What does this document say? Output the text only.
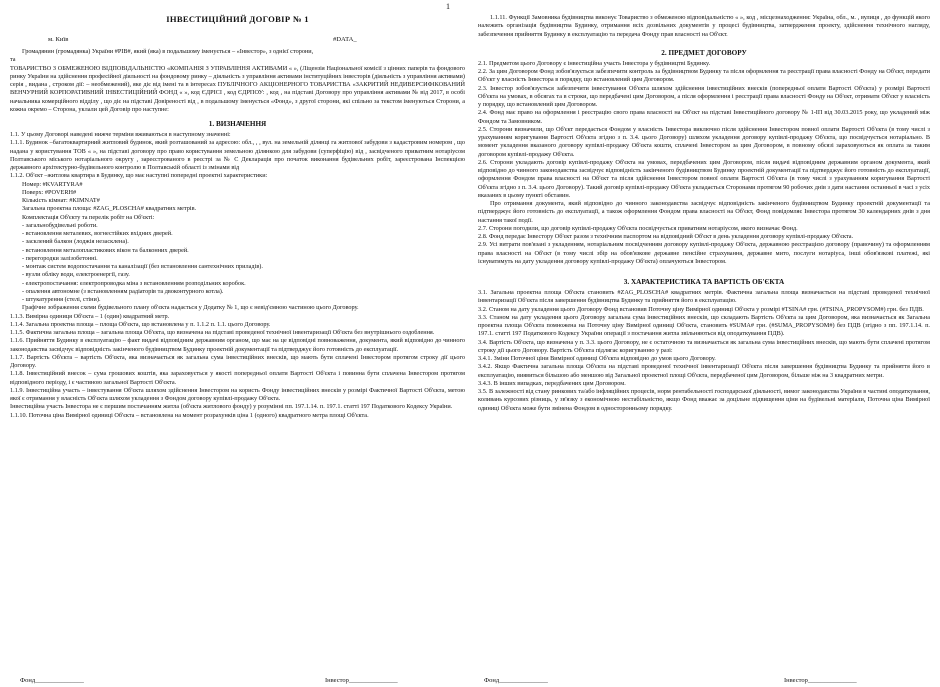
1
ІНВЕСТИЦІЙНИЙ ДОГОВІР № 1
м. Київ	#DATA_

Громадянин (громадянка) України #PIB#, який (яка) в подальшому іменується – «Інвестор», з однієї сторони,

та

ТОВАРИСТВО З ОБМЕЖЕНОЮ ВІДПОВІДАЛЬНІСТЮ «КОМПАНІЯ З УПРАВЛІННЯ АКТИВАМИ « », (Ліцензія Національної комісії з цінних паперів та фондового ринку України на здійснення професійної діяльності на фондовому ринку – діяльність з управління активами інституційних інвесторів (діяльність з управління активами) серія , видана , строком дії: – необмежений), яке діє від імені та в інтересах ПУБЛІЧНОГО АКЦІОНЕРНОГО ТОВАРИСТВА «ЗАКРИТИЙ НЕДИВЕРСИФІКОВАНИЙ ВЕНЧУРНИЙ КОРПОРАТИВНИЙ ІНВЕСТИЦІЙНИЙ ФОНД « », код ЄДРІСІ , код ЄДРПОУ: , код , на підставі Договору про управління активами № від 2017, в особі начальника комерційного відділу , що діє на підставі Довіреності від , в подальшому іменується «Фонд», з другої сторони, які спільно за текстом іменуються Сторони, а кожна окремо – Сторона, уклали цей Договір про наступне:

1. ВИЗНАЧЕННЯ

1.1. У цьому Договорі наведені нижче терміни вживаються в наступному значенні:

1.1.1. Будинок –багатоквартирний житловий будинок, який розташований за адресою: обл., , , вул. на земельній ділянці га житлової забудови з кадастровим номером , що надана у користування ТОВ « », на підставі договору про право користування земельною ділянкою для забудови (суперфіцію) від , засвідченого приватним нотаріусом Полтавського міського нотаріального округу , зареєстрованого в реєстрі за № С Декларація про початок виконання будівельних робіт, зареєстрована Інспекцією державного архітектурно-будівельного контролю в Полтавській області із змінами від

1.1.2. Об'єкт –житлова квартира в Будинку, що має наступні попередні проектні характеристики:

Номер: #KVARTYRA#

Поверх: #POVERH#

Кількість кімнат: #KIMNAT#

Загальна проектна площа: #ZAG_PLOSCHA# квадратних метрів.

Комплектація Об'єкту та перелік робіт на Об'єкті:

- загальнобудівельні роботи.

- встановлення металевих, вогнестійких вхідних дверей.

- засклений балкон (лоджія незасклена).

- встановлення металопластикових вікон та балконних дверей.

- перегородки залізобетонні.

- монтаж систем водопостачання та каналізації (без встановлення сантехнічних приладів).

- вузли обліку води, електроенергії, газу.

- електропостачання: електропроводка міна з встановленням розподільних коробок.

- опалення автономне (з встановленням радіаторів та двоконтурного котла).

- штукатурення (стелі, стіни).

Графічне зображення схеми будівельного плану об'єкта надається у Додатку № 1, що є невід'ємною частиною цього Договору.

1.1.3. Вимірна одиниця Об'єкта – 1 (один) квадратний метр.

1.1.4. Загальна проектна площа – площа Об'єкта, що встановлена у п. 1.1.2 п. 1.1. цього Договору.

1.1.5. Фактична загальна площа – загальна площа Об'єкта, що визначена на підставі проведеної технічної інвентаризації Об'єкта без внутрішнього оздоблення.

1.1.6. Прийняття Будинку в експлуатацію – факт видачі відповідним державним органом, що має на це відповідні повноваження, документа, який відповідно до чинного законодавства засвідчує відповідність закінченого будівництвом Будинку проектній документації та підтверджує його готовність до експлуатації.

1.1.7. Вартість Об'єкта – вартість Об'єкта, яка визначається як загальна сума інвестиційних внесків, що мають бути сплачені Інвестором протягом строку дії цього Договору.

1.1.8. Інвестиційний внесок – сума грошових коштів, яка зараховується у якості попередньої оплати Вартості Об'єкта і повинна бути сплачена Інвестором протягом відповідного періоду, і є частиною загальної Вартості Об'єкта.

1.1.9. Інвестиційна участь – інвестування Об'єкта шляхом здійснення Інвестором на користь Фонду інвестиційних внесків у розмірі Фактичної Вартості Об'єкта, метою якої є отримання у власність Об'єкта шляхом укладення з Фондом договору купівлі-продажу Об'єкта.

Інвестиційна участь Інвестора не є першим постачанням житла (об'єкта житлового фонду) у розумінні пп. 197.1.14. п. 197.1. статті 197 Податкового Кодексу України.

1.1.10. Поточна ціна Вимірної одиниці Об'єкта – встановлена на момент розрахунків ціна 1 (одного) квадратного метра площі Об'єкта.

Фонд_______________	Інвестор_______________

1.1.11. Функції Замовника будівництва виконує Товариство з обмеженою відповідальністю « », код , місцезнаходження: Україна, обл., м. , вулиця , до функцій якого належить організація будівництва Будинку, отримання всіх дозвільних документів у процесі будівництва, затвердження проекту, здійснення технічного нагляду, забезпечення прийняття Будинку в експлуатацію та передача Фонду прав власності на Об'єкт.

2. ПРЕДМЕТ ДОГОВОРУ

2.1. Предметом цього Договору є інвестиційна участь Інвестора у будівництві Будинку.

2.2. За цим Договором Фонд зобов'язується забезпечити контроль за будівництвом Будинку та після оформлення та реєстрації права власності Фонду на Об'єкт, передати Об'єкт у власність Інвестора в порядку, що встановлений цим Договором.

2.3. Інвестор зобов'язується забезпечити інвестування Об'єкта шляхом здійснення інвестиційних внесків (попередньої оплати Вартості Об'єкта) у розмірі Вартості Об'єкта на умовах, в обсягах та в строки, що передбачені цим Договором, а після оформлення і реєстрації права власності Фонду на Об'єкт, отримати Об'єкт у власність у порядку, що встановлений цим Договором.

2.4. Фонд має право на оформлення і реєстрацію свого права власності на Об'єкт на підставі Інвестиційного договору № 1-ІП від 30.03.2015 року, що укладений між Фондом та Замовником.

2.5. Сторони визначили, що Об'єкт передається Фондом у власність Інвестора виключно після здійснення Інвестором повної оплати Вартості Об'єкта (в тому числі з урахуванням коригування Вартості Об'єкта згідно з п. 3.4. цього Договору) шляхом укладення договору купівлі-продажу Об'єкта, що посвідчується нотаріально. В момент укладення вказаного договору купівлі-продажу Об'єкта кошти, сплачені Інвестором за цим Договором, в повному обсязі зараховуються як оплата за таким договором купівлі-продажу Об'єкта.

2.6. Сторони укладають договір купівлі-продажу Об'єкта на умовах, передбачених цим Договором, після видачі відповідним державним органом документа, який відповідно до чинного законодавства засвідчує відповідність закінченого будівництвом Будинку проектній документації та підтверджує його готовність до експлуатації, оформлення Фондом права власності на Об'єкт та після здійснення Інвестором повної оплати Вартості Об'єкта (в тому числі з урахуванням коригування Вартості Об'єкта згідно з п. 3.4. цього Договору). Такий договір купівлі-продажу Об'єкта укладається Сторонами протягом 90 робочих днів з дати настання останньої в часі з усіх вказаних в цьому пункті обставин.

Про отримання документа, який відповідно до чинного законодавства засвідчує відповідність закінченого будівництвом Будинку проектній документації та підтверджує його готовність до експлуатації, а також оформлення Фондом права власності на Об'єкт, Фонд повідомляє Інвестора протягом 30 календарних днів з дня настання такої події.

2.7. Сторони погодили, що договір купівлі-продажу Об'єкта посвідчується приватним нотаріусом, якого визначає Фонд.

2.8. Фонд передає Інвестору Об'єкт разом з технічним паспортом на відповідний Об'єкт в день укладення договору купівлі-продажу Об'єкта.

2.9. Усі витрати пов'язані з укладенням, нотаріальним посвідченням договору купівлі-продажу Об'єкта, державною реєстрацією договору (правочину) та оформленням права власності на Об'єкт (в тому числі збір на обов'язкове державне пенсійне страхування, державне мито, послуги нотаріуса, інші обов'язкові платежі, які існуватимуть на дату укладення договору купівлі-продажу Об'єкта) оплачуються Інвестором.

3. ХАРАКТЕРИСТИКА ТА ВАРТІСТЬ ОБ'ЄКТА

3.1. Загальна проектна площа Об'єкта становить #ZAG_PLOSCHA# квадратних метрів. Фактична загальна площа визначається на підставі проведеної технічної інвентаризації Об'єкта після завершення будівництва Будинку та прийняття його в експлуатацію.

3.2. Станом на дату укладення цього Договору Фонд встановив Поточну ціну Вимірної одиниці Об'єкта у розмірі #TSINA# грн. (#TSINA_PROPYSOM#) грн. без ПДВ.

3.3. Станом на дату укладення цього Договору загальна сума інвестиційних внесків, що складають Вартість Об'єкта за цим Договором, яка визначається як Загальна проектна площа Об'єкта помножена на Поточну ціну Вимірної одиниці Об'єкта, становить #SUMA# грн. (#SUMA_PROPYSOM#) без ПДВ (згідно з пп. 197.1.14. п. 197.1. статті 197 Податкового Кодексу України операції з постачання житла звільняються від оподаткування ПДВ).

3.4. Вартість Об'єкта, що визначена у п. 3.3. цього Договору, не є остаточною та визначається як загальна сума інвестиційних внесків, що мають бути сплачені протягом строку дії цього Договору. Вартість Об'єкта підлягає коригуванню у разі:

3.4.1. Зміни Поточної ціни Вимірної одиниці Об'єкта відповідно до умов цього Договору.

3.4.2. Якщо Фактична загальна площа Об'єкта на підставі проведеної технічної інвентаризації Об'єкта після завершення будівництва Будинку та прийняття його в експлуатацію, виявиться більшою або меншою від Загальної проектної площі Об'єкта, передбаченої цим Договором, більше ніж на 3 квадратних метри.

3.4.3. В інших випадках, передбачених цим Договором.

3.5. В залежності від стану ринкових та/або інфляційних процесів, норм рентабельності господарської діяльності, вимог законодавства України в частині оподаткування, коливань курсових різниць, у зв'язку з економічною нестабільністю, якщо Фонд вважає за доцільне підвищення ціни на будівельні матеріали, Поточна ціна Вимірної одиниці Об'єкта може бути змінена Фондом в односторонньому порядку.

Фонд_______________	Інвестор_______________
